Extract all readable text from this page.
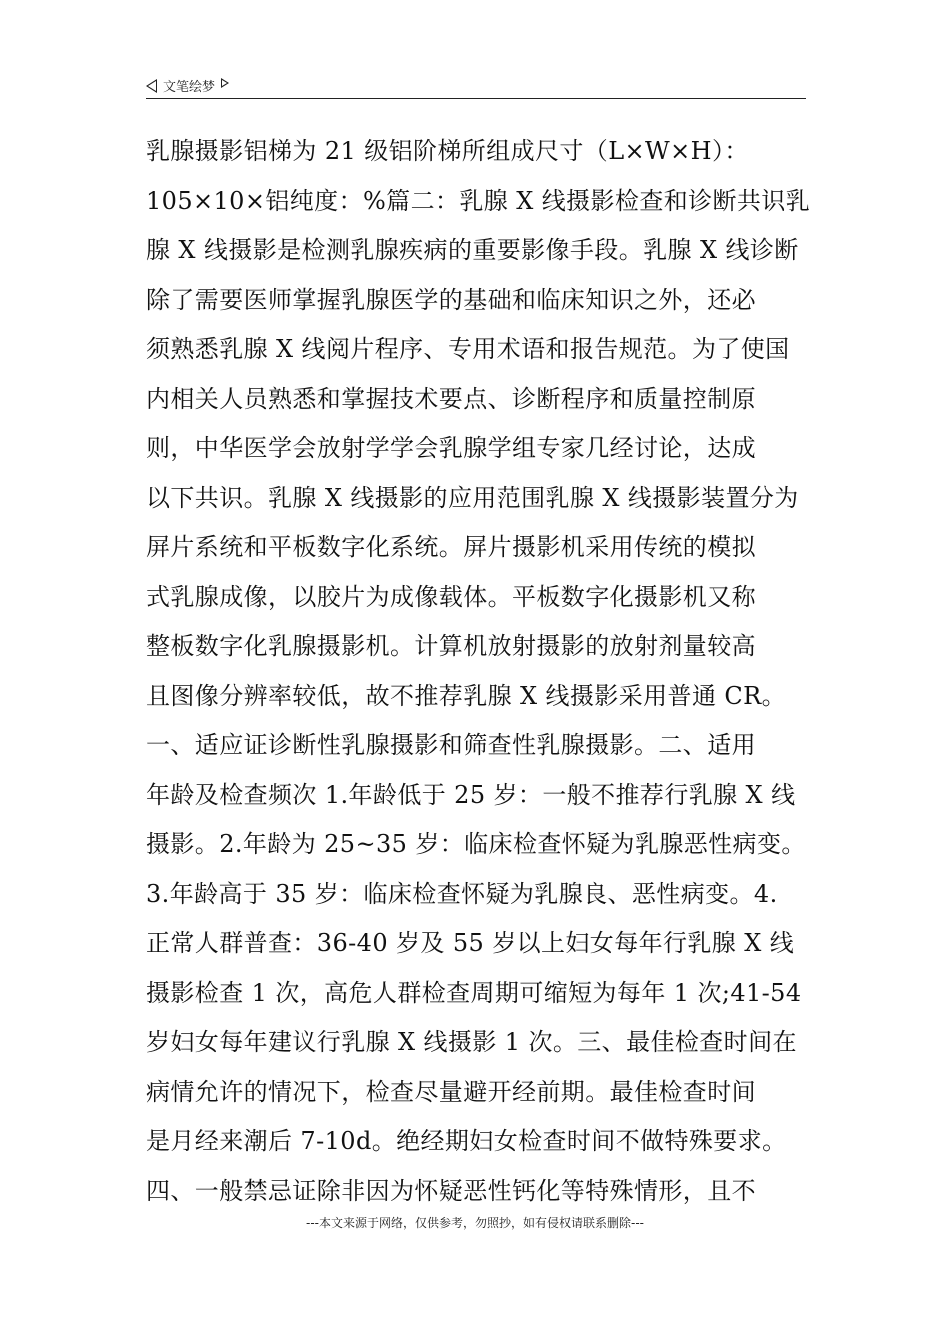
文笔绘梦
乳腺摄影铝梯为 21 级铝阶梯所组成尺寸（L×W×H）：
105×10×铝纯度：%篇二：乳腺 X 线摄影检查和诊断共识乳
腺 X 线摄影是检测乳腺疾病的重要影像手段。乳腺 X 线诊断
除了需要医师掌握乳腺医学的基础和临床知识之外，还必
须熟悉乳腺 X 线阅片程序、专用术语和报告规范。为了使国
内相关人员熟悉和掌握技术要点、诊断程序和质量控制原
则，中华医学会放射学学会乳腺学组专家几经讨论，达成
以下共识。乳腺 X 线摄影的应用范围乳腺 X 线摄影装置分为
屏片系统和平板数字化系统。屏片摄影机采用传统的模拟
式乳腺成像，以胶片为成像载体。平板数字化摄影机又称
整板数字化乳腺摄影机。计算机放射摄影的放射剂量较高
且图像分辨率较低，故不推荐乳腺 X 线摄影采用普通 CR。
一、适应证诊断性乳腺摄影和筛查性乳腺摄影。二、适用
年龄及检查频次 1.年龄低于 25 岁：一般不推荐行乳腺 X 线
摄影。2.年龄为 25~35 岁：临床检查怀疑为乳腺恶性病变。
3.年龄高于 35 岁：临床检查怀疑为乳腺良、恶性病变。4.
正常人群普查：36-40 岁及 55 岁以上妇女每年行乳腺 X 线
摄影检查 1 次，高危人群检查周期可缩短为每年 1 次;41-54
岁妇女每年建议行乳腺 X 线摄影 1 次。三、最佳检查时间在
病情允许的情况下，检查尽量避开经前期。最佳检查时间
是月经来潮后 7-10d。绝经期妇女检查时间不做特殊要求。
四、一般禁忌证除非因为怀疑恶性钙化等特殊情形，且不
---本文来源于网络，仅供参考，勿照抄，如有侵权请联系删除---
